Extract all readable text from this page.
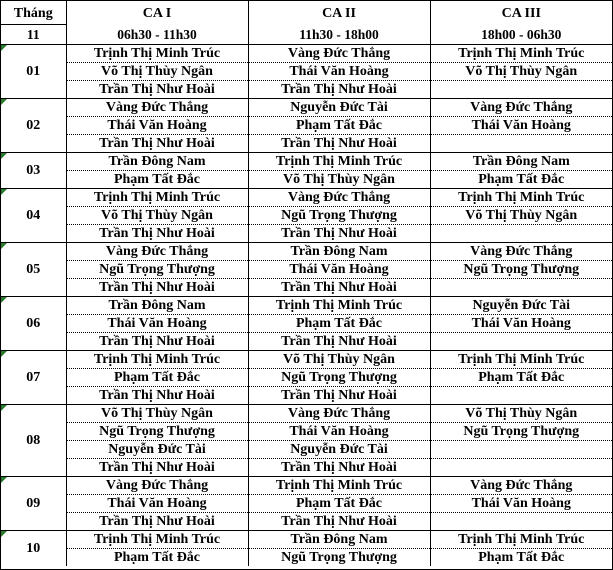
Tháng	CA I	CA II	CA III
11	06h30 - 11h30	11h30 - 18h00	18h00 - 06h30

01	Trịnh Thị Minh Trúc	Vàng Đức Thắng	Trịnh Thị Minh Trúc
	Võ Thị Thùy Ngân	Thái Văn Hoàng	Võ Thị Thùy Ngân
	Trần Thị Như Hoài	Trần Thị Như Hoài	

02	Vàng Đức Thắng	Nguyễn Đức Tài	Vàng Đức Thắng
	Thái Văn Hoàng	Phạm Tất Đắc	Thái Văn Hoàng
	Trần Thị Như Hoài	Trần Thị Như Hoài	

03	Trần Đông Nam	Trịnh Thị Minh Trúc	Trần Đông Nam
	Phạm Tất Đắc	Võ Thị Thùy Ngân	Phạm Tất Đắc

04	Trịnh Thị Minh Trúc	Vàng Đức Thắng	Trịnh Thị Minh Trúc
	Võ Thị Thùy Ngân	Ngũ Trọng Thượng	Võ Thị Thùy Ngân
	Trần Thị Như Hoài	Trần Thị Như Hoài	

05	Vàng Đức Thắng	Trần Đông Nam	Vàng Đức Thắng
	Ngũ Trọng Thượng	Thái Văn Hoàng	Ngũ Trọng Thượng
	Trần Thị Như Hoài	Trần Thị Như Hoài	

06	Trần Đông Nam	Trịnh Thị Minh Trúc	Nguyễn Đức Tài
	Thái Văn Hoàng	Phạm Tất Đắc	Thái Văn Hoàng
	Trần Thị Như Hoài	Trần Thị Như Hoài	

07	Trịnh Thị Minh Trúc	Võ Thị Thùy Ngân	Trịnh Thị Minh Trúc
	Phạm Tất Đắc	Ngũ Trọng Thượng	Phạm Tất Đắc
	Trần Thị Như Hoài	Trần Thị Như Hoài	

08	Võ Thị Thùy Ngân	Vàng Đức Thắng	Võ Thị Thùy Ngân
	Ngũ Trọng Thượng	Thái Văn Hoàng	Ngũ Trọng Thượng
	Nguyễn Đức Tài	Nguyễn Đức Tài	
	Trần Thị Như Hoài	Trần Thị Như Hoài	

09	Vàng Đức Thắng	Trịnh Thị Minh Trúc	Vàng Đức Thắng
	Thái Văn Hoàng	Phạm Tất Đắc	Thái Văn Hoàng
	Trần Thị Như Hoài	Trần Thị Như Hoài	

10	Trịnh Thị Minh Trúc	Trần Đông Nam	Trịnh Thị Minh Trúc
	Phạm Tất Đắc	Ngũ Trọng Thượng	Phạm Tất Đắc
